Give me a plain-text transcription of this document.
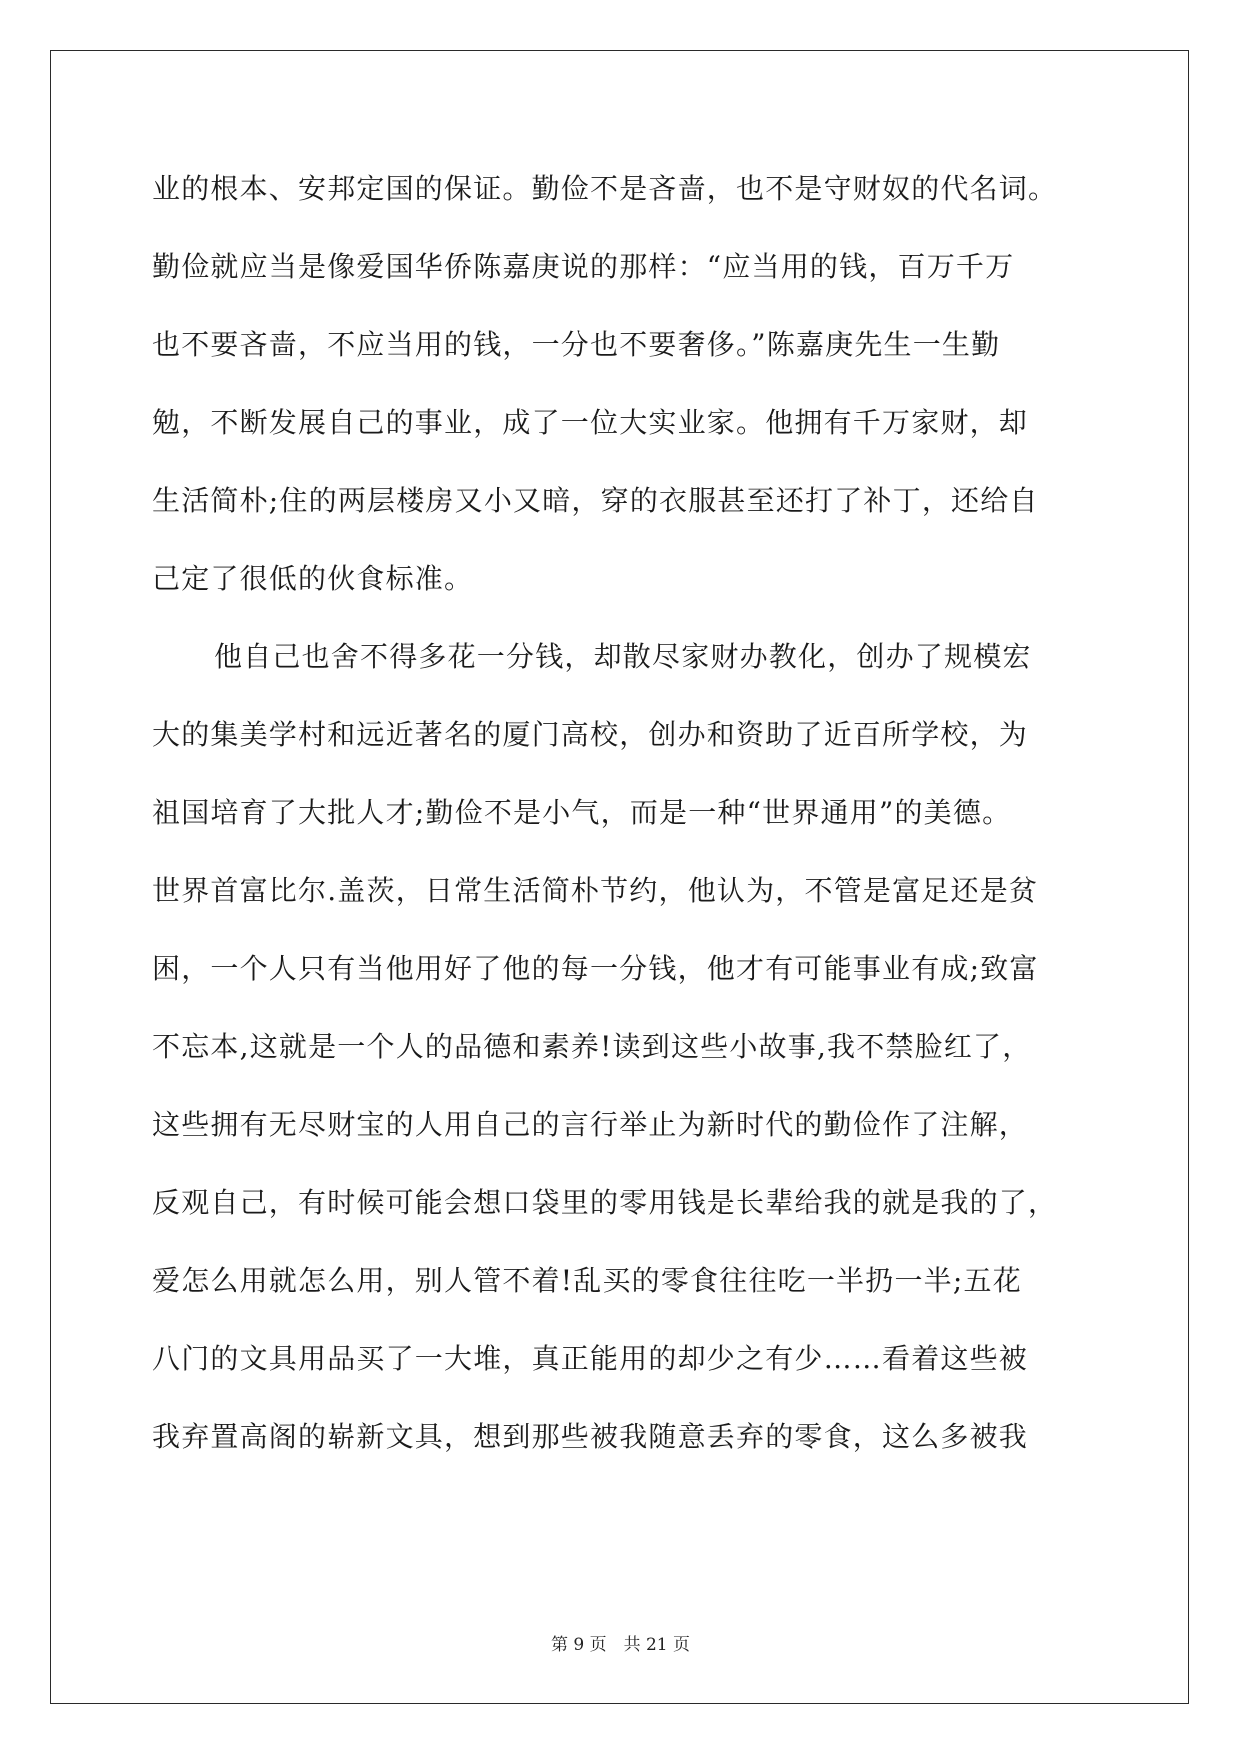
业的根本、安邦定国的保证。勤俭不是吝啬，也不是守财奴的代名词。
勤俭就应当是像爱国华侨陈嘉庚说的那样：“应当用的钱，百万千万
也不要吝啬，不应当用的钱，一分也不要奢侈。”陈嘉庚先生一生勤
勉，不断发展自己的事业，成了一位大实业家。他拥有千万家财，却
生活简朴;住的两层楼房又小又暗，穿的衣服甚至还打了补丁，还给自
己定了很低的伙食标准。
他自己也舍不得多花一分钱，却散尽家财办教化，创办了规模宏
大的集美学村和远近著名的厦门高校，创办和资助了近百所学校，为
祖国培育了大批人才;勤俭不是小气，而是一种“世界通用”的美德。
世界首富比尔.盖茨，日常生活简朴节约，他认为，不管是富足还是贫
困，一个人只有当他用好了他的每一分钱，他才有可能事业有成;致富
不忘本,这就是一个人的品德和素养!读到这些小故事,我不禁脸红了，
这些拥有无尽财宝的人用自己的言行举止为新时代的勤俭作了注解，
反观自己，有时候可能会想口袋里的零用钱是长辈给我的就是我的了，
爱怎么用就怎么用，别人管不着!乱买的零食往往吃一半扔一半;五花
八门的文具用品买了一大堆，真正能用的却少之有少……看着这些被
我弃置高阁的崭新文具，想到那些被我随意丢弃的零食，这么多被我
第 9 页　共 21 页
